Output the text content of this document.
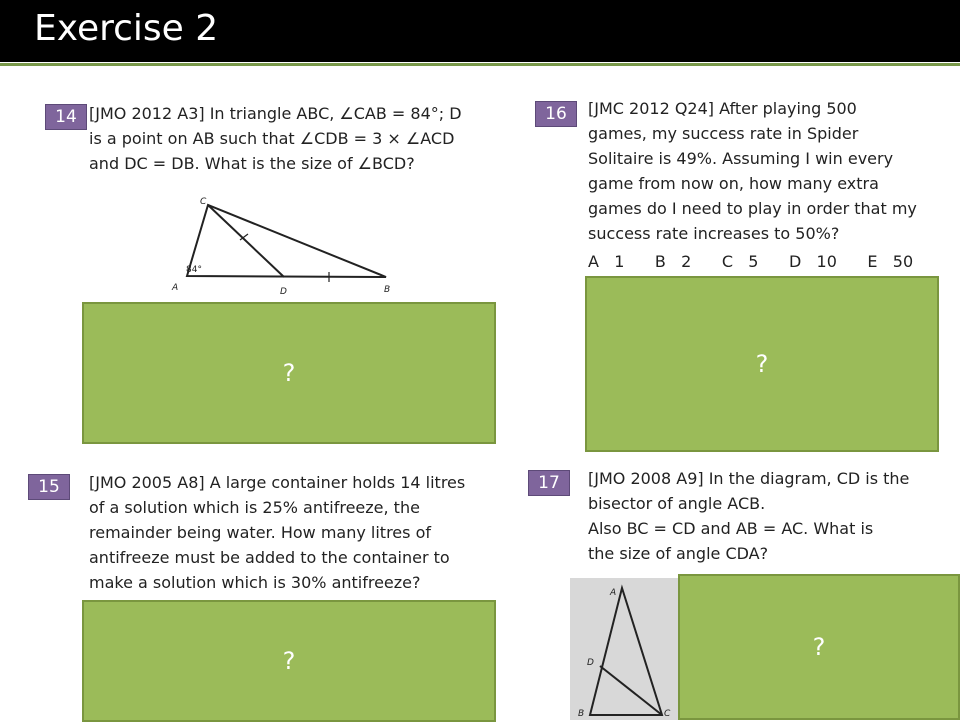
Exercise 2
14 [JMO 2012 A3] In triangle ABC, ∠CAB = 84°; D
is a point on AB such that ∠CDB = 3 × ∠ACD
and DC = DB. What is the size of ∠BCD?
C
A	D	B
84°
?
15	[JMO 2005 A8] A large container holds 14 litres
of a solution which is 25% antifreeze, the
remainder being water. How many litres of
antifreeze must be added to the container to
make a solution which is 30% antifreeze?
?
16	[JMC 2012 Q24] After playing 500
games, my success rate in Spider
Solitaire is 49%. Assuming I win every
game from now on, how many extra
games do I need to play in order that my
success rate increases to 50%?
A   1      B   2      C   5      D   10      E   50
?
17	[JMO 2008 A9] In the diagram, CD is the
bisector of angle ACB.
Also BC = CD and AB = AC. What is
the size of angle CDA?
A
D
B	C
?
